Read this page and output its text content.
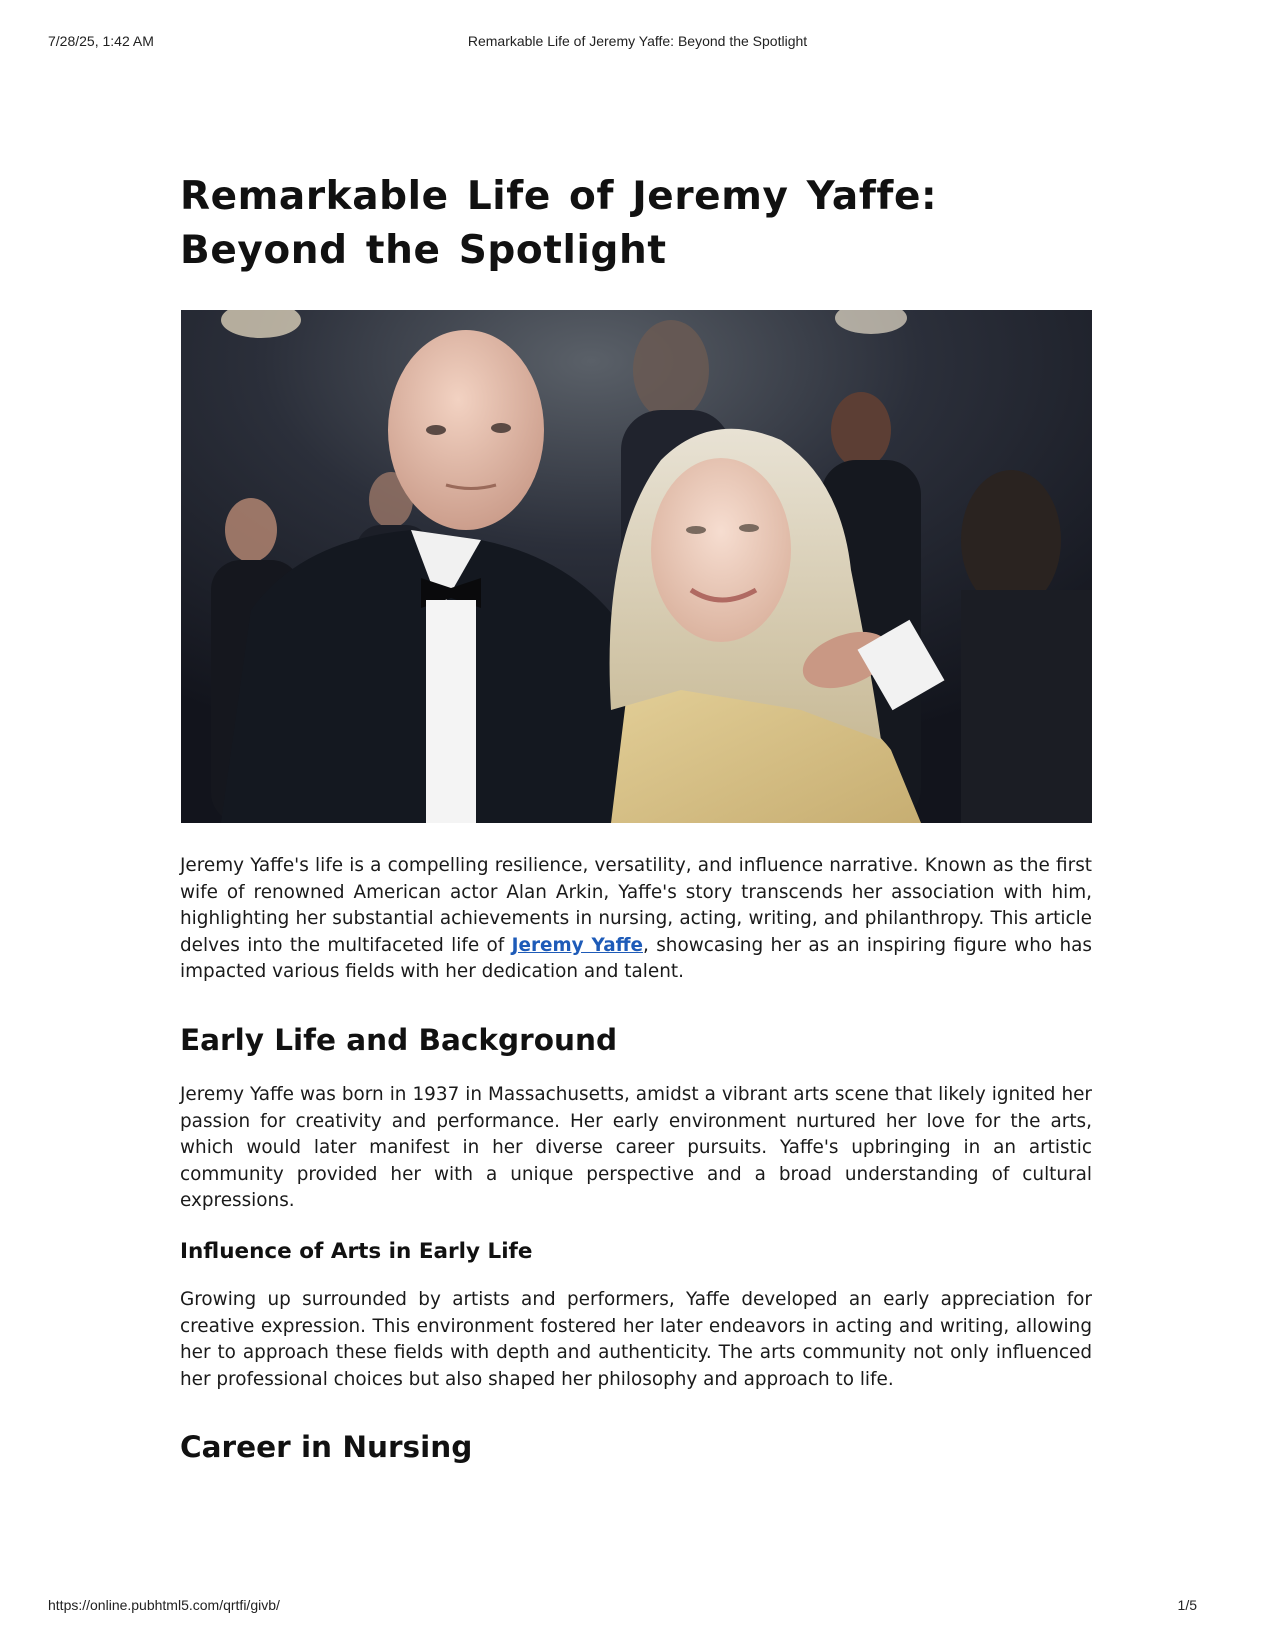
7/28/25, 1:42 AM	Remarkable Life of Jeremy Yaffe: Beyond the Spotlight
Remarkable Life of Jeremy Yaffe: Beyond the Spotlight

Jeremy Yaffe's life is a compelling resilience, versatility, and influence narrative. Known as the first wife of renowned American actor Alan Arkin, Yaffe's story transcends her association with him, highlighting her substantial achievements in nursing, acting, writing, and philanthropy. This article delves into the multifaceted life of Jeremy Yaffe, showcasing her as an inspiring figure who has impacted various fields with her dedication and talent.

Early Life and Background

Jeremy Yaffe was born in 1937 in Massachusetts, amidst a vibrant arts scene that likely ignited her passion for creativity and performance. Her early environment nurtured her love for the arts, which would later manifest in her diverse career pursuits. Yaffe's upbringing in an artistic community provided her with a unique perspective and a broad understanding of cultural expressions.

Influence of Arts in Early Life

Growing up surrounded by artists and performers, Yaffe developed an early appreciation for creative expression. This environment fostered her later endeavors in acting and writing, allowing her to approach these fields with depth and authenticity. The arts community not only influenced her professional choices but also shaped her philosophy and approach to life.

Career in Nursing
https://online.pubhtml5.com/qrtfi/givb/	1/5
